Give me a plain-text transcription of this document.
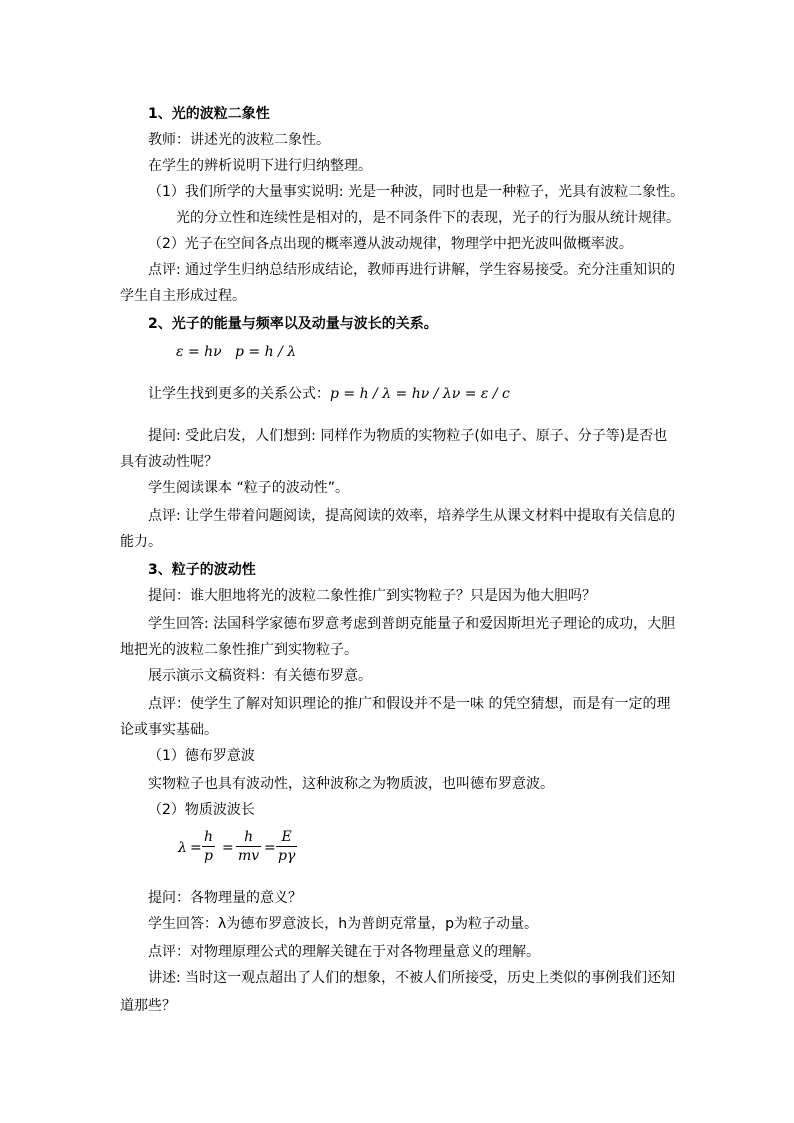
1、光的波粒二象性
教师：讲述光的波粒二象性。
在学生的辨析说明下进行归纳整理。
（1）我们所学的大量事实说明: 光是一种波，同时也是一种粒子，光具有波粒二象性。
光的分立性和连续性是相对的，是不同条件下的表现，光子的行为服从统计规律。
（2）光子在空间各点出现的概率遵从波动规律，物理学中把光波叫做概率波。
点评: 通过学生归纳总结形成结论，教师再进行讲解，学生容易接受。充分注重知识的
学生自主形成过程。
2、光子的能量与频率以及动量与波长的关系。
ε = hν   p = h / λ
让学生找到更多的关系公式：p = h / λ = hν / λν = ε / c
提问: 受此启发，人们想到: 同样作为物质的实物粒子(如电子、原子、分子等)是否也
具有波动性呢？
学生阅读课本 “粒子的波动性”。
点评: 让学生带着问题阅读，提高阅读的效率，培养学生从课文材料中提取有关信息的
能力。
3、粒子的波动性
提问：谁大胆地将光的波粒二象性推广到实物粒子？只是因为他大胆吗？
学生回答: 法国科学家德布罗意考虑到普朗克能量子和爱因斯坦光子理论的成功，大胆
地把光的波粒二象性推广到实物粒子。
展示演示文稿资料：有关德布罗意。
点评：使学生了解对知识理论的推广和假设并不是一味 的凭空猜想，而是有一定的理
论或事实基础。
（1）德布罗意波
实物粒子也具有波动性，这种波称之为物质波，也叫德布罗意波。
（2）物质波波长
$\lambda = \frac{h}{p} = \frac{h}{mv} = \frac{E}{p\gamma}$
提问：各物理量的意义？
学生回答：λ为德布罗意波长，h为普朗克常量，p为粒子动量。
点评：对物理原理公式的理解关键在于对各物理量意义的理解。
讲述: 当时这一观点超出了人们的想象，不被人们所接受，历史上类似的事例我们还知
道那些？
